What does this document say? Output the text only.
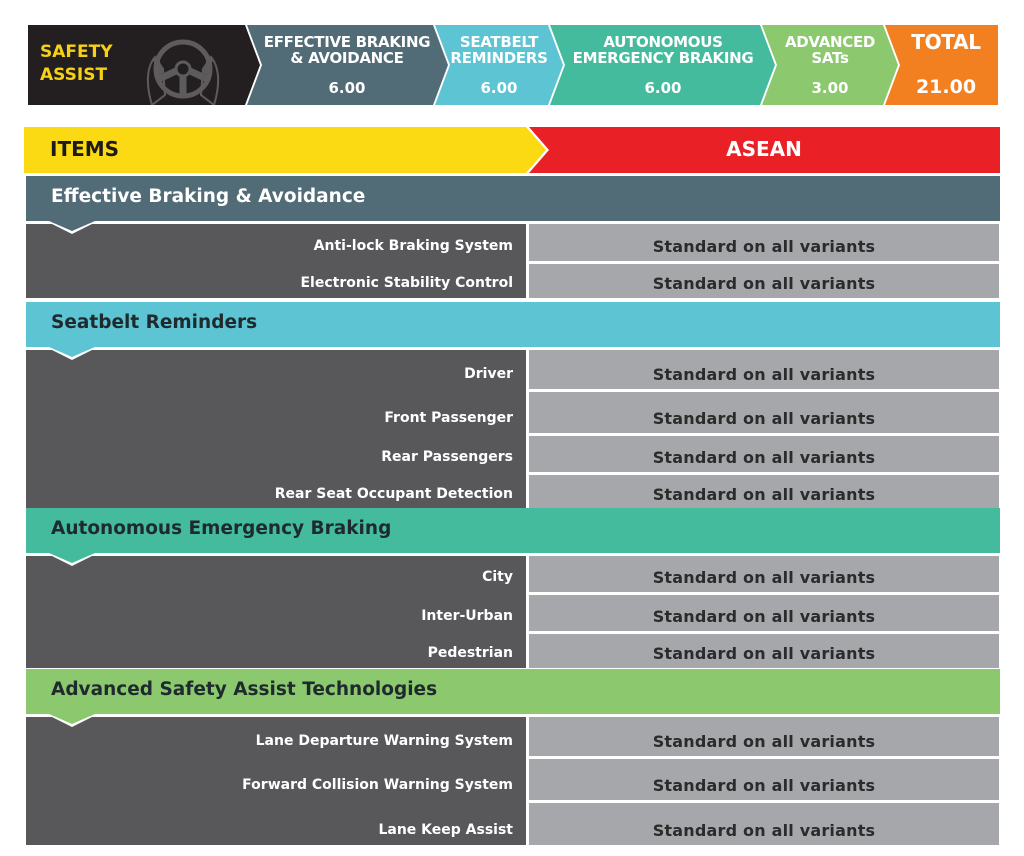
SAFETY
ASSIST
EFFECTIVE BRAKING
& AVOIDANCE
6.00
SEATBELT
REMINDERS
6.00
AUTONOMOUS
EMERGENCY BRAKING
6.00
ADVANCED
SATs
3.00
TOTAL
21.00
ITEMS	ASEAN
Effective Braking & Avoidance
Anti-lock Braking System	Standard on all variants
Electronic Stability Control	Standard on all variants
Seatbelt Reminders
Driver	Standard on all variants
Front Passenger	Standard on all variants
Rear Passengers	Standard on all variants
Rear Seat Occupant Detection	Standard on all variants
Autonomous Emergency Braking
City	Standard on all variants
Inter-Urban	Standard on all variants
Pedestrian	Standard on all variants
Advanced Safety Assist Technologies
Lane Departure Warning System	Standard on all variants
Forward Collision Warning System	Standard on all variants
Lane Keep Assist	Standard on all variants
